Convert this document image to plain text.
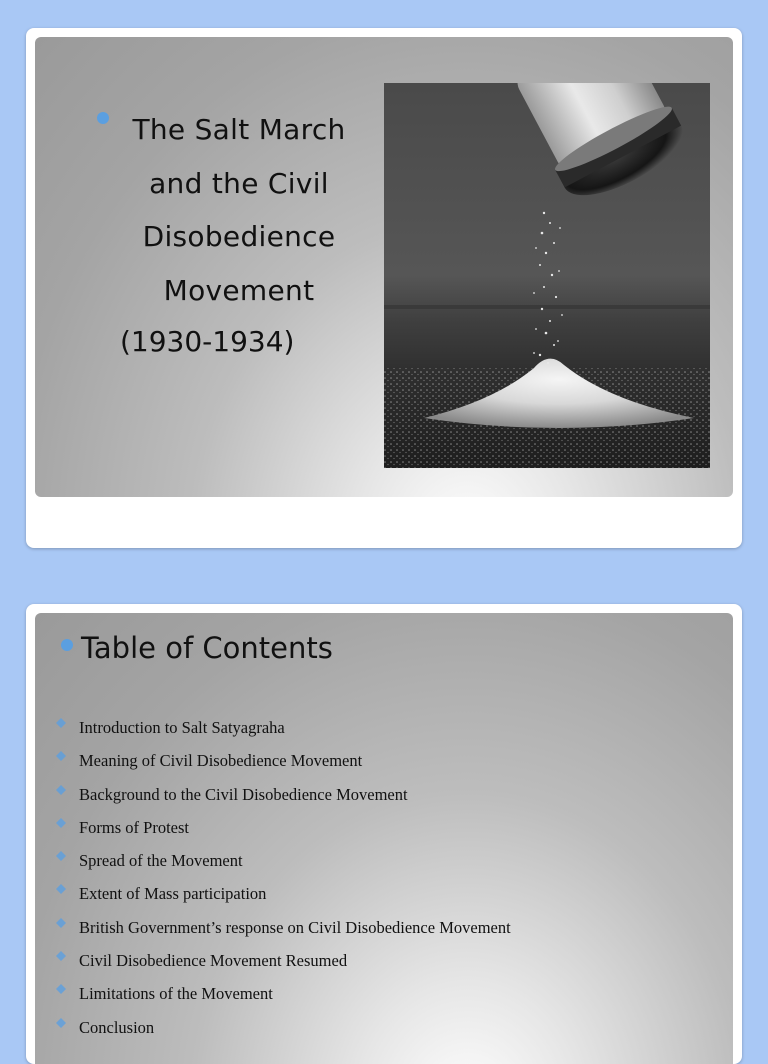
The Salt March
and the Civil
Disobedience
Movement
(1930-1934)
Table of Contents
Introduction to Salt Satyagraha
Meaning of Civil Disobedience Movement
Background to the Civil Disobedience Movement
Forms of Protest
Spread of the Movement
Extent of Mass participation
British Government’s response on Civil Disobedience Movement
Civil Disobedience Movement Resumed
Limitations of the Movement
Conclusion
